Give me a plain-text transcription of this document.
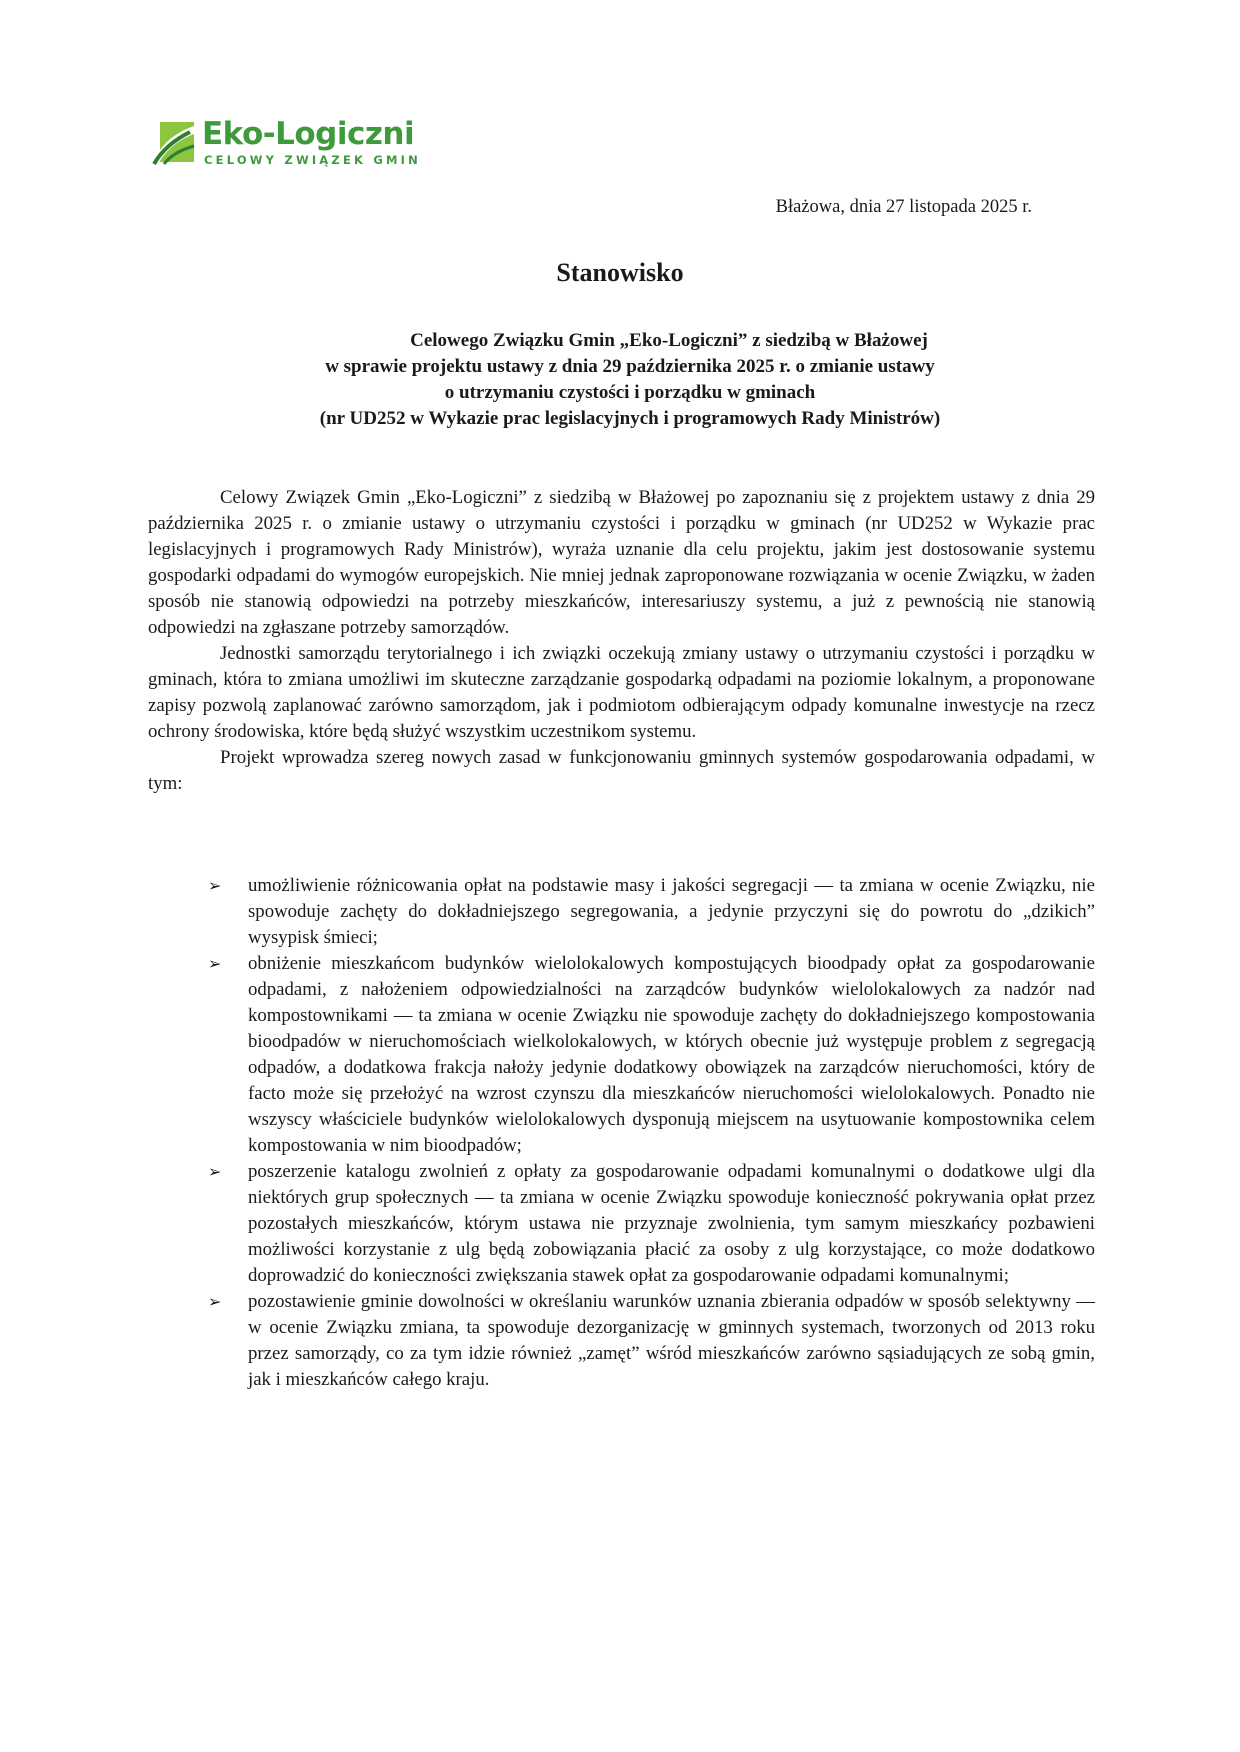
Eko-Logiczni
CELOWY ZWIĄZEK GMIN
Błażowa, dnia 27 listopada 2025 r.
Stanowisko
Celowego Związku Gmin „Eko-Logiczni” z siedzibą w Błażowej
w sprawie projektu ustawy z dnia 29 października 2025 r. o zmianie ustawy
o utrzymaniu czystości i porządku w gminach
(nr UD252 w Wykazie prac legislacyjnych i programowych Rady Ministrów)

Celowy Związek Gmin „Eko-Logiczni” z siedzibą w Błażowej po zapoznaniu się z projektem ustawy z dnia 29 października 2025 r. o zmianie ustawy o utrzymaniu czystości i porządku w gminach (nr UD252 w Wykazie prac legislacyjnych i programowych Rady Ministrów), wyraża uznanie dla celu projektu, jakim jest dostosowanie systemu gospodarki odpadami do wymogów europejskich. Nie mniej jednak zaproponowane rozwiązania w ocenie Związku, w żaden sposób nie stanowią odpowiedzi na potrzeby mieszkańców, interesariuszy systemu, a już z pewnością nie stanowią odpowiedzi na zgłaszane potrzeby samorządów.

Jednostki samorządu terytorialnego i ich związki oczekują zmiany ustawy o utrzymaniu czystości i porządku w gminach, która to zmiana umożliwi im skuteczne zarządzanie gospodarką odpadami na poziomie lokalnym, a proponowane zapisy pozwolą zaplanować zarówno samorządom, jak i podmiotom odbierającym odpady komunalne inwestycje na rzecz ochrony środowiska, które będą służyć wszystkim uczestnikom systemu.

Projekt wprowadza szereg nowych zasad w funkcjonowaniu gminnych systemów gospodarowania odpadami, w tym:

➢	umożliwienie różnicowania opłat na podstawie masy i jakości segregacji — ta zmiana w ocenie Związku, nie spowoduje zachęty do dokładniejszego segregowania, a jedynie przyczyni się do powrotu do „dzikich” wysypisk śmieci;
➢	obniżenie mieszkańcom budynków wielolokalowych kompostujących bioodpady opłat za gospodarowanie odpadami, z nałożeniem odpowiedzialności na zarządców budynków wielolokalowych za nadzór nad kompostownikami — ta zmiana w ocenie Związku nie spowoduje zachęty do dokładniejszego kompostowania bioodpadów w nieruchomościach wielkolokalowych, w których obecnie już występuje problem z segregacją odpadów, a dodatkowa frakcja nałoży jedynie dodatkowy obowiązek na zarządców nieruchomości, który de facto może się przełożyć na wzrost czynszu dla mieszkańców nieruchomości wielolokalowych. Ponadto nie wszyscy właściciele budynków wielolokalowych dysponują miejscem na usytuowanie kompostownika celem kompostowania w nim bioodpadów;
➢	poszerzenie katalogu zwolnień z opłaty za gospodarowanie odpadami komunalnymi o dodatkowe ulgi dla niektórych grup społecznych — ta zmiana w ocenie Związku spowoduje konieczność pokrywania opłat przez pozostałych mieszkańców, którym ustawa nie przyznaje zwolnienia, tym samym mieszkańcy pozbawieni możliwości korzystanie z ulg będą zobowiązania płacić za osoby z ulg korzystające, co może dodatkowo doprowadzić do konieczności zwiększania stawek opłat za gospodarowanie odpadami komunalnymi;
➢	pozostawienie gminie dowolności w określaniu warunków uznania zbierania odpadów w sposób selektywny — w ocenie Związku zmiana, ta spowoduje dezorganizację w gminnych systemach, tworzonych od 2013 roku przez samorządy, co za tym idzie również „zamęt” wśród mieszkańców zarówno sąsiadujących ze sobą gmin, jak i mieszkańców całego kraju.
